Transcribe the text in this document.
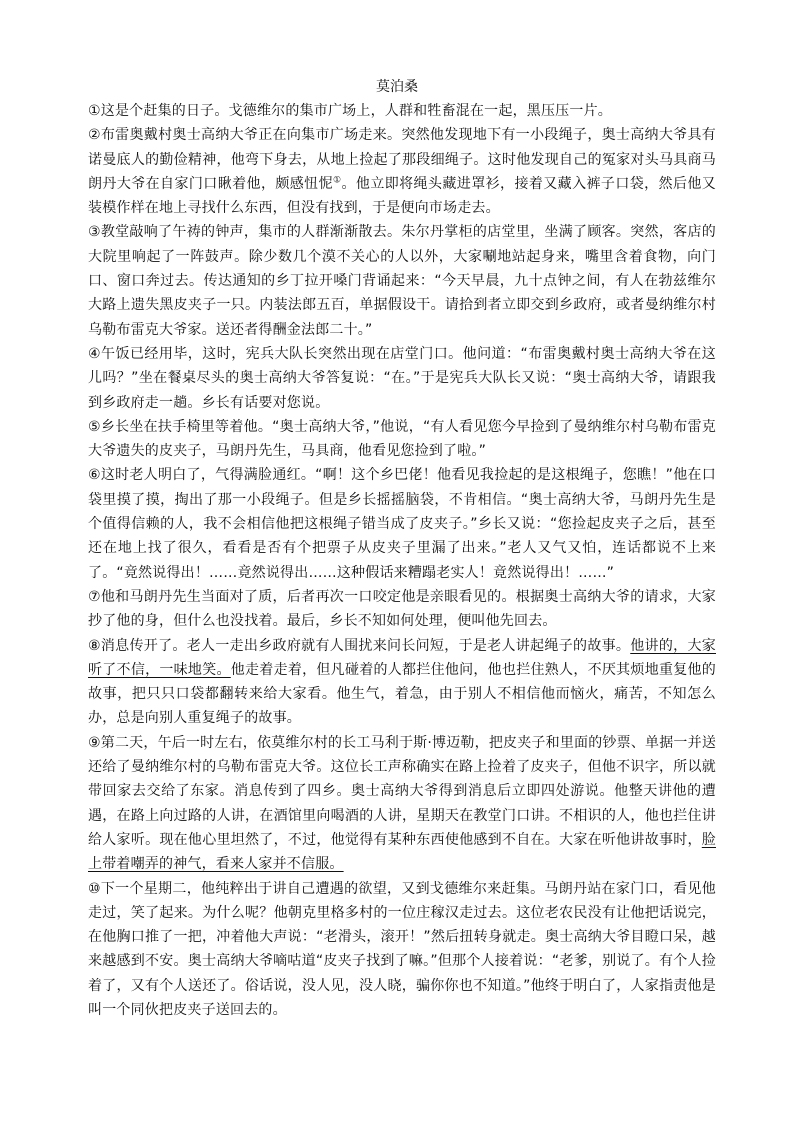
莫泊桑

①这是个赶集的日子。戈德维尔的集市广场上，人群和牲畜混在一起，黑压压一片。

②布雷奥戴村奥士高纳大爷正在向集市广场走来。突然他发现地下有一小段绳子，奥士高纳大爷具有诺曼底人的勤俭精神，他弯下身去，从地上捡起了那段细绳子。这时他发现自己的冤家对头马具商马朗丹大爷在自家门口瞅着他，颇感忸怩①。他立即将绳头藏进罩衫，接着又藏入裤子口袋，然后他又装模作样在地上寻找什么东西，但没有找到，于是便向市场走去。

③教堂敲响了午祷的钟声，集市的人群渐渐散去。朱尔丹掌柜的店堂里，坐满了顾客。突然，客店的大院里响起了一阵鼓声。除少数几个漠不关心的人以外，大家唰地站起身来，嘴里含着食物，向门口、窗口奔过去。传达通知的乡丁拉开嗓门背诵起来：“今天早晨，九十点钟之间，有人在勃兹维尔大路上遗失黑皮夹子一只。内装法郎五百，单据假设干。请拾到者立即交到乡政府，或者曼纳维尔村乌勒布雷克大爷家。送还者得酬金法郎二十。”

④午饭已经用毕，这时，宪兵大队长突然出现在店堂门口。他问道：“布雷奥戴村奥士高纳大爷在这儿吗？”坐在餐桌尽头的奥士高纳大爷答复说：“在。”于是宪兵大队长又说：“奥士高纳大爷，请跟我到乡政府走一趟。乡长有话要对您说。

⑤乡长坐在扶手椅里等着他。“奥士高纳大爷，”他说，“有人看见您今早捡到了曼纳维尔村乌勒布雷克大爷遗失的皮夹子，马朗丹先生，马具商，他看见您捡到了啦。”

⑥这时老人明白了，气得满脸通红。“啊！这个乡巴佬！他看见我捡起的是这根绳子，您瞧！”他在口袋里摸了摸，掏出了那一小段绳子。但是乡长摇摇脑袋，不肯相信。“奥士高纳大爷，马朗丹先生是个值得信赖的人，我不会相信他把这根绳子错当成了皮夹子。”乡长又说：“您捡起皮夹子之后，甚至还在地上找了很久，看看是否有个把票子从皮夹子里漏了出来。”老人又气又怕，连话都说不上来了。“竟然说得出！……竟然说得出……这种假话来糟蹋老实人！竟然说得出！……”

⑦他和马朗丹先生当面对了质，后者再次一口咬定他是亲眼看见的。根据奥士高纳大爷的请求，大家抄了他的身，但什么也没找着。最后，乡长不知如何处理，便叫他先回去。

⑧消息传开了。老人一走出乡政府就有人围扰来问长问短，于是老人讲起绳子的故事。他讲的，大家听了不信，一味地笑。他走着走着，但凡碰着的人都拦住他问，他也拦住熟人，不厌其烦地重复他的故事，把只只口袋都翻转来给大家看。他生气，着急，由于别人不相信他而恼火，痛苦，不知怎么办，总是向别人重复绳子的故事。

⑨第二天，午后一时左右，依莫维尔村的长工马利于斯·博迈勒，把皮夹子和里面的钞票、单据一并送还给了曼纳维尔村的乌勒布雷克大爷。这位长工声称确实在路上捡着了皮夹子，但他不识字，所以就带回家去交给了东家。消息传到了四乡。奥士高纳大爷得到消息后立即四处游说。他整天讲他的遭遇，在路上向过路的人讲，在酒馆里向喝酒的人讲，星期天在教堂门口讲。不相识的人，他也拦住讲给人家听。现在他心里坦然了，不过，他觉得有某种东西使他感到不自在。大家在听他讲故事时，脸上带着嘲弄的神气，看来人家并不信服。

⑩下一个星期二，他纯粹出于讲自己遭遇的欲望，又到戈德维尔来赶集。马朗丹站在家门口，看见他走过，笑了起来。为什么呢？他朝克里格多村的一位庄稼汉走过去。这位老农民没有让他把话说完，在他胸口推了一把，冲着他大声说：“老滑头，滚开！”然后扭转身就走。奥士高纳大爷目瞪口呆，越来越感到不安。奥士高纳大爷嘀咕道“皮夹子找到了嘛。”但那个人接着说：“老爹，别说了。有个人捡着了，又有个人送还了。俗话说，没人见，没人晓，骗你你也不知道。”他终于明白了，人家指责他是叫一个同伙把皮夹子送回去的。
